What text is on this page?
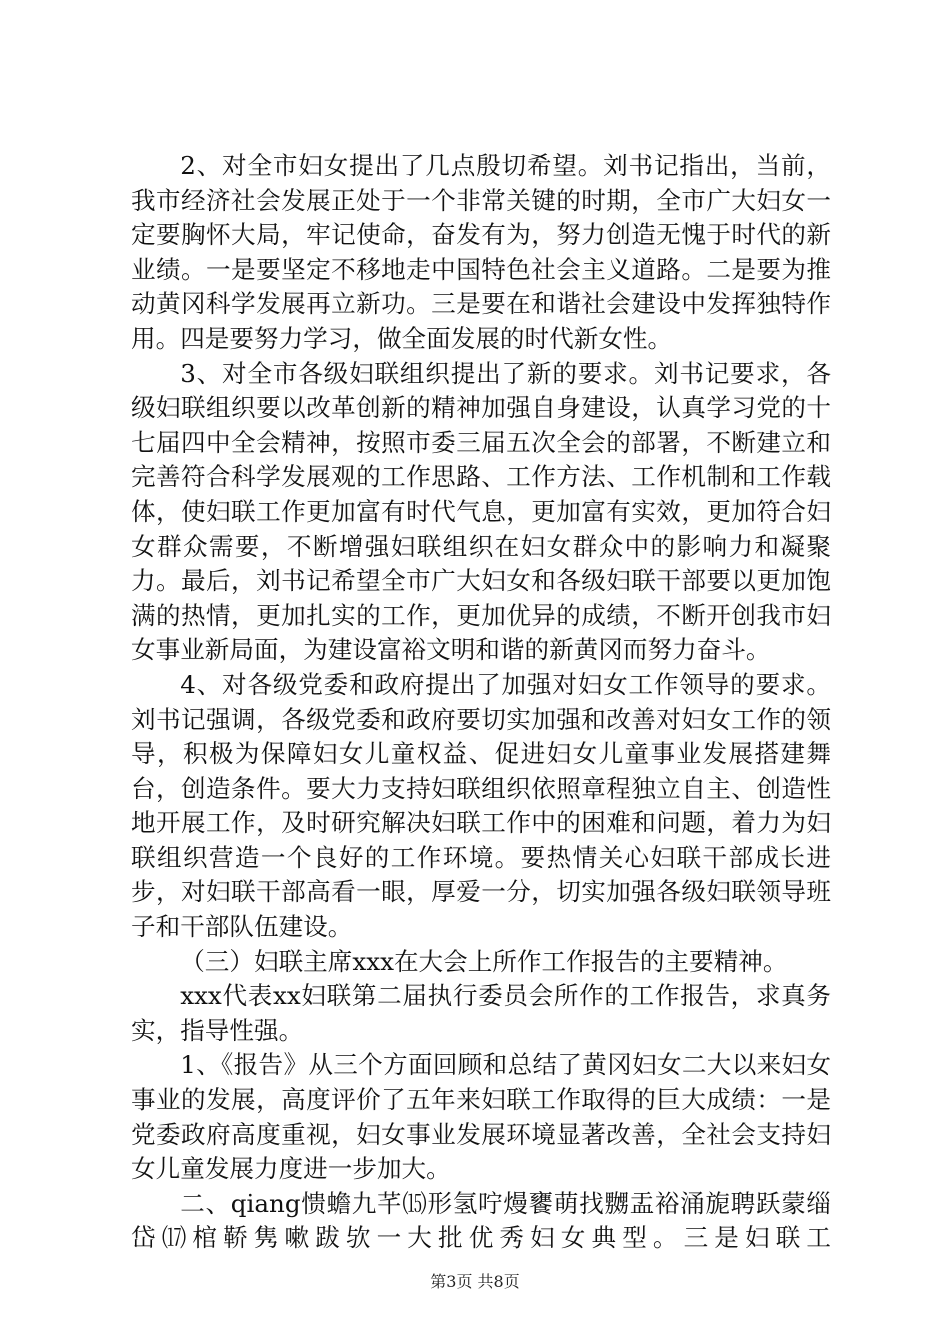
2、对全市妇女提出了几点殷切希望。刘书记指出，当前，我市经济社会发展正处于一个非常关键的时期，全市广大妇女一定要胸怀大局，牢记使命，奋发有为，努力创造无愧于时代的新业绩。一是要坚定不移地走中国特色社会主义道路。二是要为推动黄冈科学发展再立新功。三是要在和谐社会建设中发挥独特作用。四是要努力学习，做全面发展的时代新女性。

3、对全市各级妇联组织提出了新的要求。刘书记要求，各级妇联组织要以改革创新的精神加强自身建设，认真学习党的十七届四中全会精神，按照市委三届五次全会的部署，不断建立和完善符合科学发展观的工作思路、工作方法、工作机制和工作载体，使妇联工作更加富有时代气息，更加富有实效，更加符合妇女群众需要，不断增强妇联组织在妇女群众中的影响力和凝聚力。最后，刘书记希望全市广大妇女和各级妇联干部要以更加饱满的热情，更加扎实的工作，更加优异的成绩，不断开创我市妇女事业新局面，为建设富裕文明和谐的新黄冈而努力奋斗。

4、对各级党委和政府提出了加强对妇女工作领导的要求。刘书记强调，各级党委和政府要切实加强和改善对妇女工作的领导，积极为保障妇女儿童权益、促进妇女儿童事业发展搭建舞台，创造条件。要大力支持妇联组织依照章程独立自主、创造性地开展工作，及时研究解决妇联工作中的困难和问题，着力为妇联组织营造一个良好的工作环境。要热情关心妇联干部成长进步，对妇联干部高看一眼，厚爱一分，切实加强各级妇联领导班子和干部队伍建设。

（三）妇联主席xxx在大会上所作工作报告的主要精神。

xxx代表xx妇联第二届执行委员会所作的工作报告，求真务实，指导性强。

1、《报告》从三个方面回顾和总结了黄冈妇女二大以来妇女事业的发展，高度评价了五年来妇联工作取得的巨大成绩：一是党委政府高度重视，妇女事业发展环境显著改善，全社会支持妇女儿童发展力度进一步加大。

二、qiang愦蟾九芊⒂形氢咛熳饔萌找嬲盂裕涌旎聘跃蒙缁岱⒄棺鞒隽嗽跋欤一大批优秀妇女典型。三是妇联工

第3页 共8页
